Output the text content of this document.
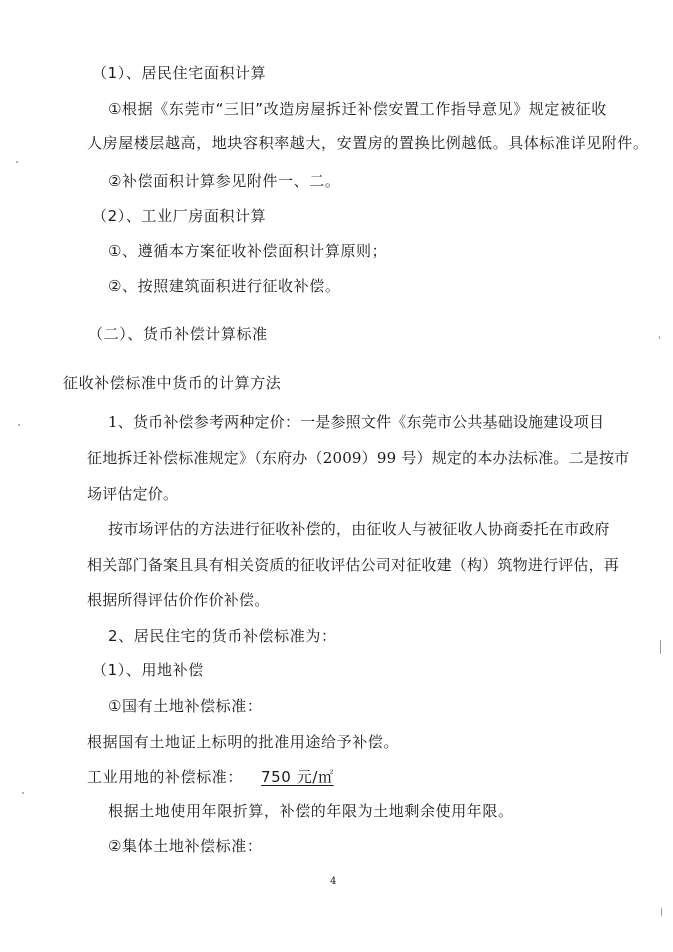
（1）、居民住宅面积计算
①根据《东莞市“三旧”改造房屋拆迁补偿安置工作指导意见》规定被征收
人房屋楼层越高，地块容积率越大，安置房的置换比例越低。具体标准详见附件。
②补偿面积计算参见附件一、二。
（2）、工业厂房面积计算
①、遵循本方案征收补偿面积计算原则；
②、按照建筑面积进行征收补偿。
（二）、货币补偿计算标准
征收补偿标准中货币的计算方法
1、货币补偿参考两种定价：一是参照文件《东莞市公共基础设施建设项目
征地拆迁补偿标准规定》（东府办（2009）99 号）规定的本办法标准。二是按市
场评估定价。
按市场评估的方法进行征收补偿的，由征收人与被征收人协商委托在市政府
相关部门备案且具有相关资质的征收评估公司对征收建（构）筑物进行评估，再
根据所得评估价作价补偿。
2、居民住宅的货币补偿标准为：
（1）、用地补偿
①国有土地补偿标准：
根据国有土地证上标明的批准用途给予补偿。
工业用地的补偿标准： 750 元/㎡
根据土地使用年限折算，补偿的年限为土地剩余使用年限。
②集体土地补偿标准：
4
